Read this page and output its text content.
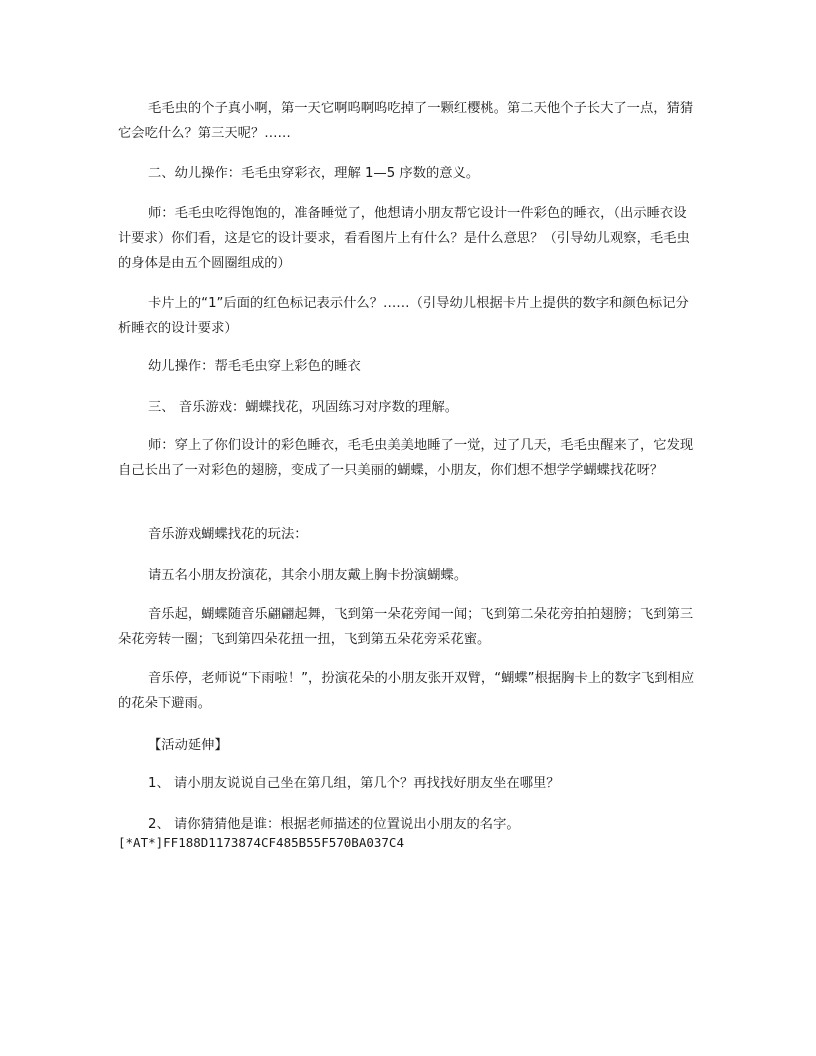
毛毛虫的个子真小啊，第一天它啊呜啊呜吃掉了一颗红樱桃。第二天他个子长大了一点，猜猜它会吃什么？第三天呢？……

二、幼儿操作：毛毛虫穿彩衣，理解 1—5 序数的意义。

师：毛毛虫吃得饱饱的，准备睡觉了，他想请小朋友帮它设计一件彩色的睡衣，（出示睡衣设计要求）你们看，这是它的设计要求，看看图片上有什么？是什么意思？（引导幼儿观察，毛毛虫的身体是由五个圆圈组成的）

卡片上的“1”后面的红色标记表示什么？……（引导幼儿根据卡片上提供的数字和颜色标记分析睡衣的设计要求）

幼儿操作：帮毛毛虫穿上彩色的睡衣

三、 音乐游戏：蝴蝶找花，巩固练习对序数的理解。

师：穿上了你们设计的彩色睡衣，毛毛虫美美地睡了一觉，过了几天，毛毛虫醒来了，它发现自己长出了一对彩色的翅膀，变成了一只美丽的蝴蝶，小朋友，你们想不想学学蝴蝶找花呀？

音乐游戏蝴蝶找花的玩法：

请五名小朋友扮演花，其余小朋友戴上胸卡扮演蝴蝶。

音乐起，蝴蝶随音乐翩翩起舞，飞到第一朵花旁闻一闻；飞到第二朵花旁拍拍翅膀；飞到第三朵花旁转一圈；飞到第四朵花扭一扭，飞到第五朵花旁采花蜜。

音乐停，老师说“下雨啦！”，扮演花朵的小朋友张开双臂，“蝴蝶”根据胸卡上的数字飞到相应的花朵下避雨。

【活动延伸】

1、 请小朋友说说自己坐在第几组，第几个？再找找好朋友坐在哪里？

2、 请你猜猜他是谁：根据老师描述的位置说出小朋友的名字。

[*AT*]FF188D1173874CF485B55F570BA037C4
